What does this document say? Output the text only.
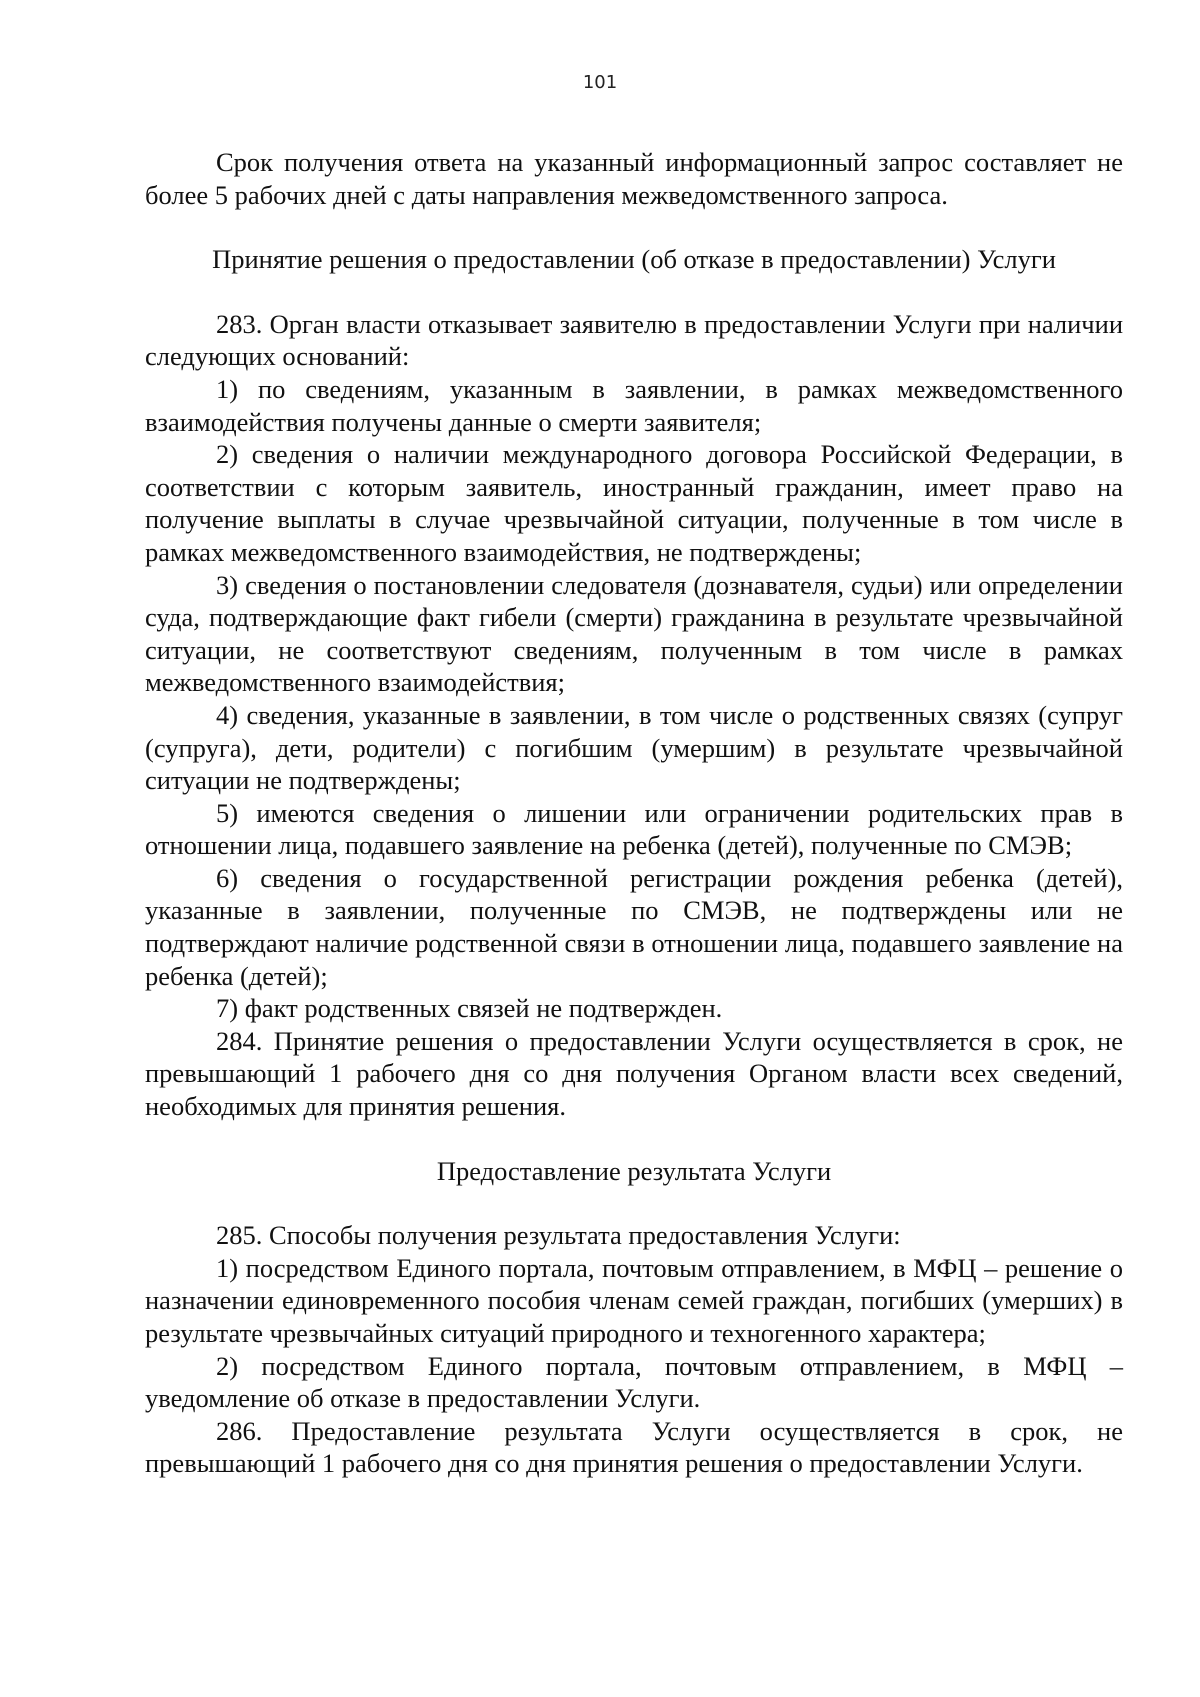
101

Срок получения ответа на указанный информационный запрос составляет не более 5 рабочих дней с даты направления межведомственного запроса.

Принятие решения о предоставлении (об отказе в предоставлении) Услуги

283. Орган власти отказывает заявителю в предоставлении Услуги при наличии следующих оснований:

1) по сведениям, указанным в заявлении, в рамках межведомственного взаимодействия получены данные о смерти заявителя;

2) сведения о наличии международного договора Российской Федерации, в соответствии с которым заявитель, иностранный гражданин, имеет право на получение выплаты в случае чрезвычайной ситуации, полученные в том числе в рамках межведомственного взаимодействия, не подтверждены;

3) сведения о постановлении следователя (дознавателя, судьи) или определении суда, подтверждающие факт гибели (смерти) гражданина в результате чрезвычайной ситуации, не соответствуют сведениям, полученным в том числе в рамках межведомственного взаимодействия;

4) сведения, указанные в заявлении, в том числе о родственных связях (супруг (супруга), дети, родители) с погибшим (умершим) в результате чрезвычайной ситуации не подтверждены;

5) имеются сведения о лишении или ограничении родительских прав в отношении лица, подавшего заявление на ребенка (детей), полученные по СМЭВ;

6) сведения о государственной регистрации рождения ребенка (детей), указанные в заявлении, полученные по СМЭВ, не подтверждены или не подтверждают наличие родственной связи в отношении лица, подавшего заявление на ребенка (детей);

7) факт родственных связей не подтвержден.

284. Принятие решения о предоставлении Услуги осуществляется в срок, не превышающий 1 рабочего дня со дня получения Органом власти всех сведений, необходимых для принятия решения.

Предоставление результата Услуги

285. Способы получения результата предоставления Услуги:

1) посредством Единого портала, почтовым отправлением, в МФЦ – решение о назначении единовременного пособия членам семей граждан, погибших (умерших) в результате чрезвычайных ситуаций природного и техногенного характера;

2) посредством Единого портала, почтовым отправлением, в МФЦ – уведомление об отказе в предоставлении Услуги.

286. Предоставление результата Услуги осуществляется в срок, не превышающий 1 рабочего дня со дня принятия решения о предоставлении Услуги.
